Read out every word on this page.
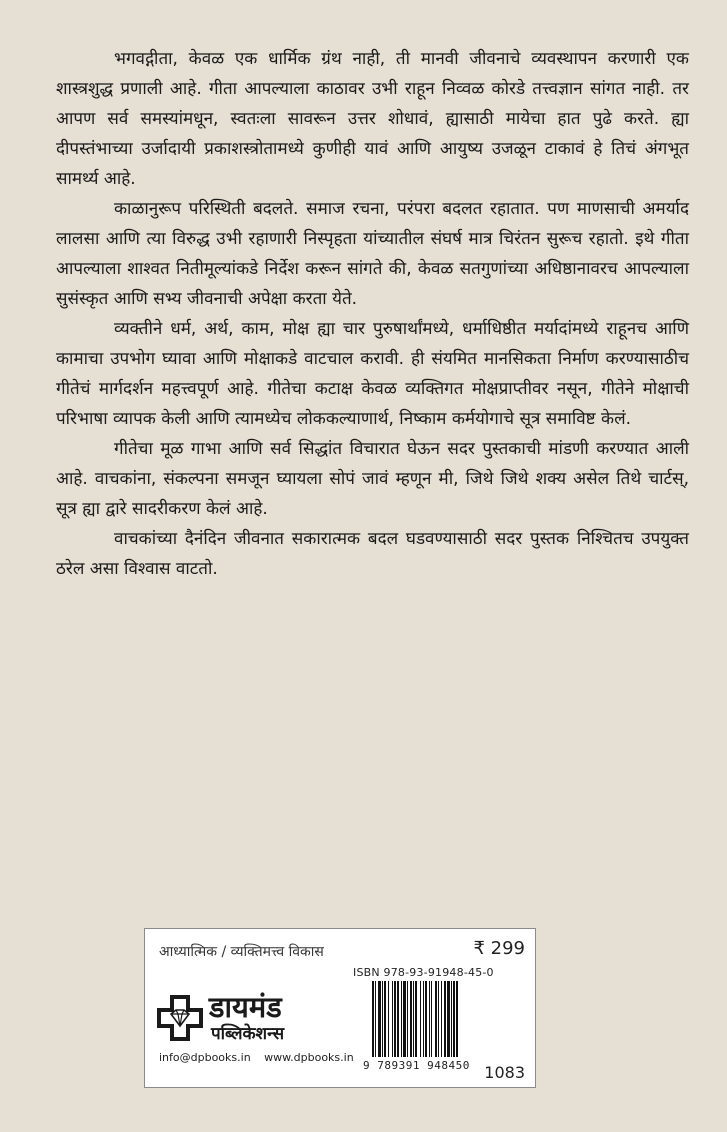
भगवद्गीता, केवळ एक धार्मिक ग्रंथ नाही, ती मानवी जीवनाचे व्यवस्थापन करणारी एक शास्त्रशुद्ध प्रणाली आहे. गीता आपल्याला काठावर उभी राहून निव्वळ कोरडे तत्त्वज्ञान सांगत नाही. तर आपण सर्व समस्यांमधून, स्वतःला सावरून उत्तर शोधावं, ह्यासाठी मायेचा हात पुढे करते. ह्या दीपस्तंभाच्या उर्जादायी प्रकाशस्त्रोतामध्ये कुणीही यावं आणि आयुष्य उजळून टाकावं हे तिचं अंगभूत सामर्थ्य आहे.

काळानुरूप परिस्थिती बदलते. समाज रचना, परंपरा बदलत रहातात. पण माणसाची अमर्याद लालसा आणि त्या विरुद्ध उभी रहाणारी निस्पृहता यांच्यातील संघर्ष मात्र चिरंतन सुरूच रहातो. इथे गीता आपल्याला शाश्वत नितीमूल्यांकडे निर्देश करून सांगते की, केवळ सतगुणांच्या अधिष्ठानावरच आपल्याला सुसंस्कृत आणि सभ्य जीवनाची अपेक्षा करता येते.

व्यक्तीने धर्म, अर्थ, काम, मोक्ष ह्या चार पुरुषार्थांमध्ये, धर्माधिष्ठीत मर्यादांमध्ये राहूनच आणि कामाचा उपभोग घ्यावा आणि मोक्षाकडे वाटचाल करावी. ही संयमित मानसिकता निर्माण करण्यासाठीच गीतेचं मार्गदर्शन महत्त्वपूर्ण आहे. गीतेचा कटाक्ष केवळ व्यक्तिगत मोक्षप्राप्तीवर नसून, गीतेने मोक्षाची परिभाषा व्यापक केली आणि त्यामध्येच लोककल्याणार्थ, निष्काम कर्मयोगाचे सूत्र समाविष्ट केलं.

गीतेचा मूळ गाभा आणि सर्व सिद्धांत विचारात घेऊन सदर पुस्तकाची मांडणी करण्यात आली आहे. वाचकांना, संकल्पना समजून घ्यायला सोपं जावं म्हणून मी, जिथे जिथे शक्य असेल तिथे चार्टस्, सूत्र ह्या द्वारे सादरीकरण केलं आहे.

वाचकांच्या दैनंदिन जीवनात सकारात्मक बदल घडवण्यासाठी सदर पुस्तक निश्चितच उपयुक्त ठरेल असा विश्वास वाटतो.

आध्यात्मिक / व्यक्तिमत्त्व विकास	₹ 299
डायमंड
पब्लिकेशन्स
info@dpbooks.in www.dpbooks.in
ISBN 978-93-91948-45-0
9 789391 948450 1083
